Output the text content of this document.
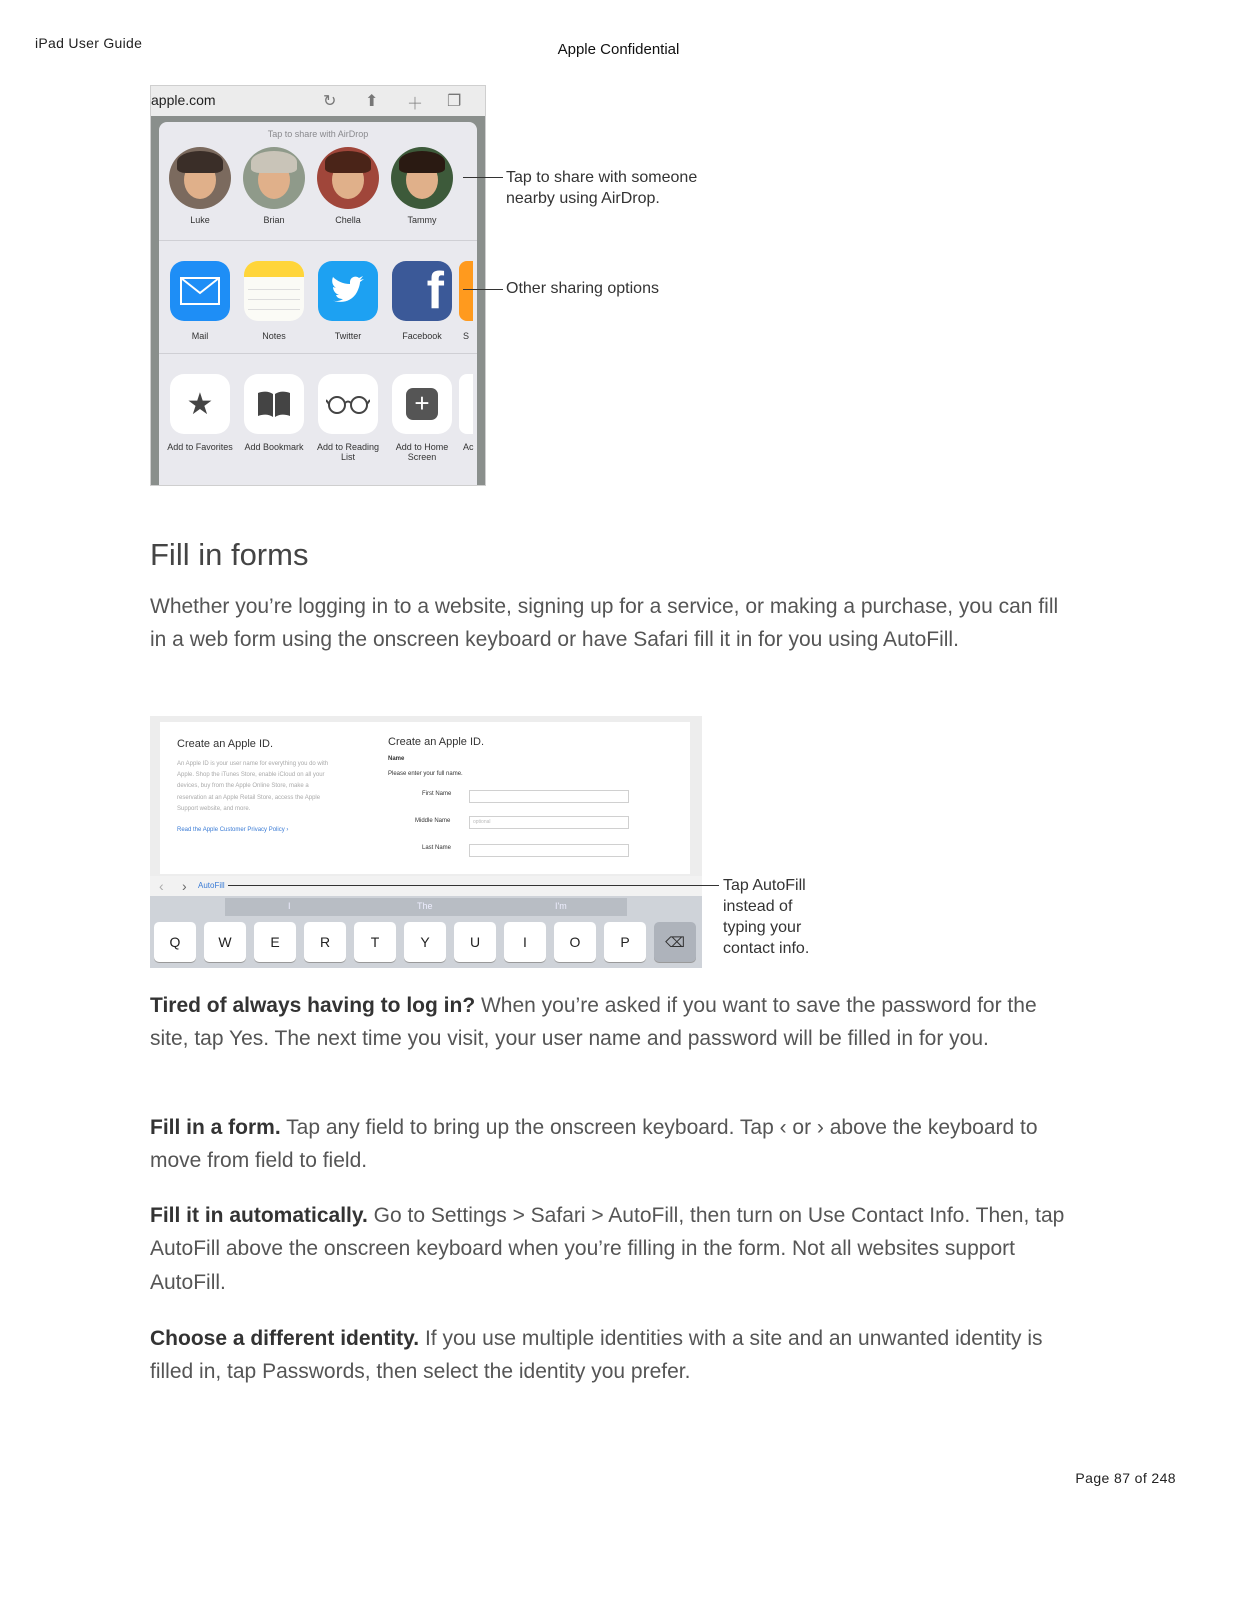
iPad User Guide	Apple Confidential
apple.com	↻ ⬆ ＋ ❐
Tap to share with AirDrop
Luke	Brian	Chella	Tammy
Mail	Notes	Twitter
f
Facebook	S
★
Add to Favorites	Add Bookmark	Add to Reading List
+
Add to Home Screen
Ac
Tap to share with someone nearby using AirDrop.
Other sharing options
Fill in forms

Whether you’re logging in to a website, signing up for a service, or making a purchase, you can fill in a web form using the onscreen keyboard or have Safari fill it in for you using AutoFill.

Create an Apple ID.
An Apple ID is your user name for everything you do with Apple. Shop the iTunes Store, enable iCloud on all your devices, buy from the Apple Online Store, make a reservation at an Apple Retail Store, access the Apple Support website, and more.
Read the Apple Customer Privacy Policy ›
Create an Apple ID.
Name
Please enter your full name.
First Name
Middle Name	optional
Last Name
‹ › AutoFill
I	The	I'm
Q	W	E	R	T	Y	U	I	O	P	⌫
Tap AutoFill instead of typing your contact info.

Tired of always having to log in? When you’re asked if you want to save the password for the site, tap Yes. The next time you visit, your user name and password will be filled in for you.

Fill in a form. Tap any field to bring up the onscreen keyboard. Tap ‹ or › above the keyboard to move from field to field.

Fill it in automatically. Go to Settings > Safari > AutoFill, then turn on Use Contact Info. Then, tap AutoFill above the onscreen keyboard when you’re filling in the form. Not all websites support AutoFill.

Choose a different identity. If you use multiple identities with a site and an unwanted identity is filled in, tap Passwords, then select the identity you prefer.

Page 87 of 248
